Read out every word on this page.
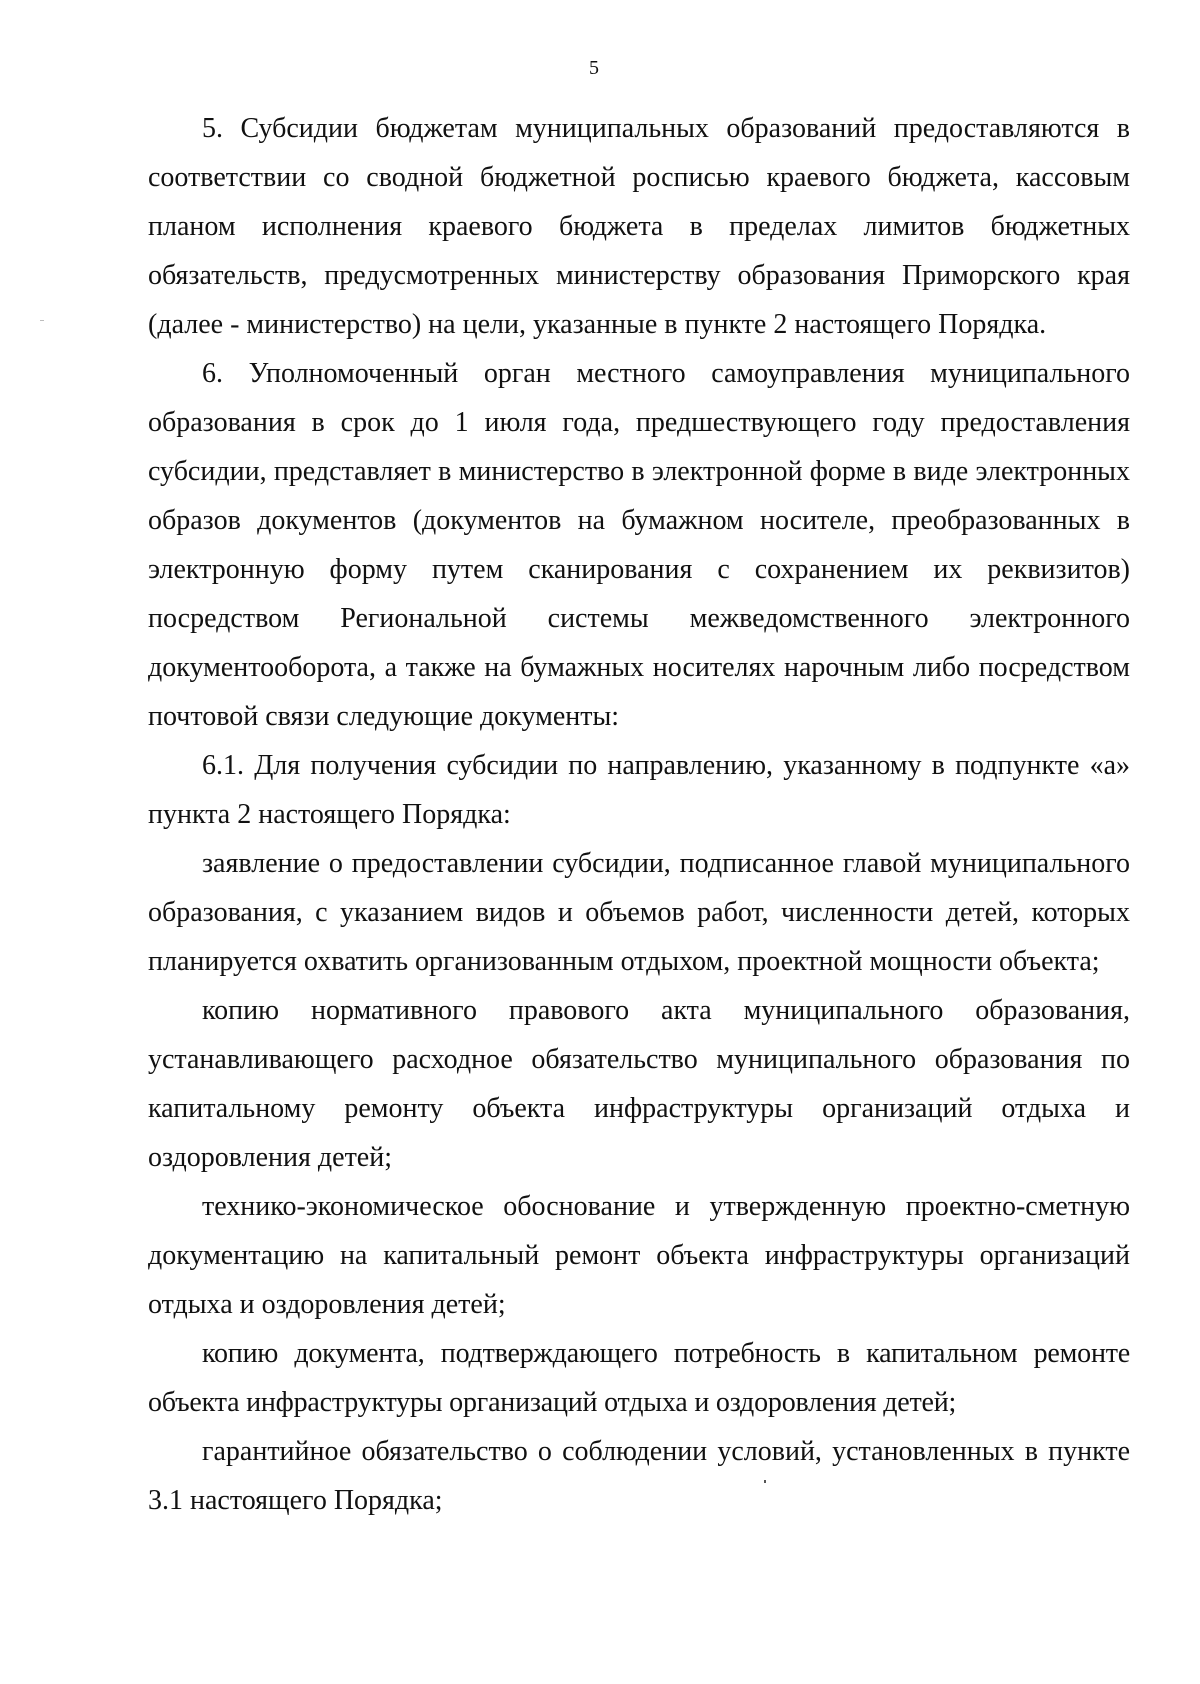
5

5. Субсидии бюджетам муниципальных образований предоставляются в соответствии со сводной бюджетной росписью краевого бюджета, кассовым планом исполнения краевого бюджета в пределах лимитов бюджетных обязательств, предусмотренных министерству образования Приморского края (далее - министерство) на цели, указанные в пункте 2 настоящего Порядка.

6. Уполномоченный орган местного самоуправления муниципального образования в срок до 1 июля года, предшествующего году предоставления субсидии, представляет в министерство в электронной форме в виде электронных образов документов (документов на бумажном носителе, преобразованных в электронную форму путем сканирования с сохранением их реквизитов) посредством Региональной системы межведомственного электронного документооборота, а также на бумажных носителях нарочным либо посредством почтовой связи следующие документы:

6.1. Для получения субсидии по направлению, указанному в подпункте «а» пункта 2 настоящего Порядка:

заявление о предоставлении субсидии, подписанное главой муниципального образования, с указанием видов и объемов работ, численности детей, которых планируется охватить организованным отдыхом, проектной мощности объекта;

копию нормативного правового акта муниципального образования, устанавливающего расходное обязательство муниципального образования по капитальному ремонту объекта инфраструктуры организаций отдыха и оздоровления детей;

технико-экономическое обоснование и утвержденную проектно-сметную документацию на капитальный ремонт объекта инфраструктуры организаций отдыха и оздоровления детей;

копию документа, подтверждающего потребность в капитальном ремонте объекта инфраструктуры организаций отдыха и оздоровления детей;

гарантийное обязательство о соблюдении условий, установленных в пункте 3.1 настоящего Порядка;
